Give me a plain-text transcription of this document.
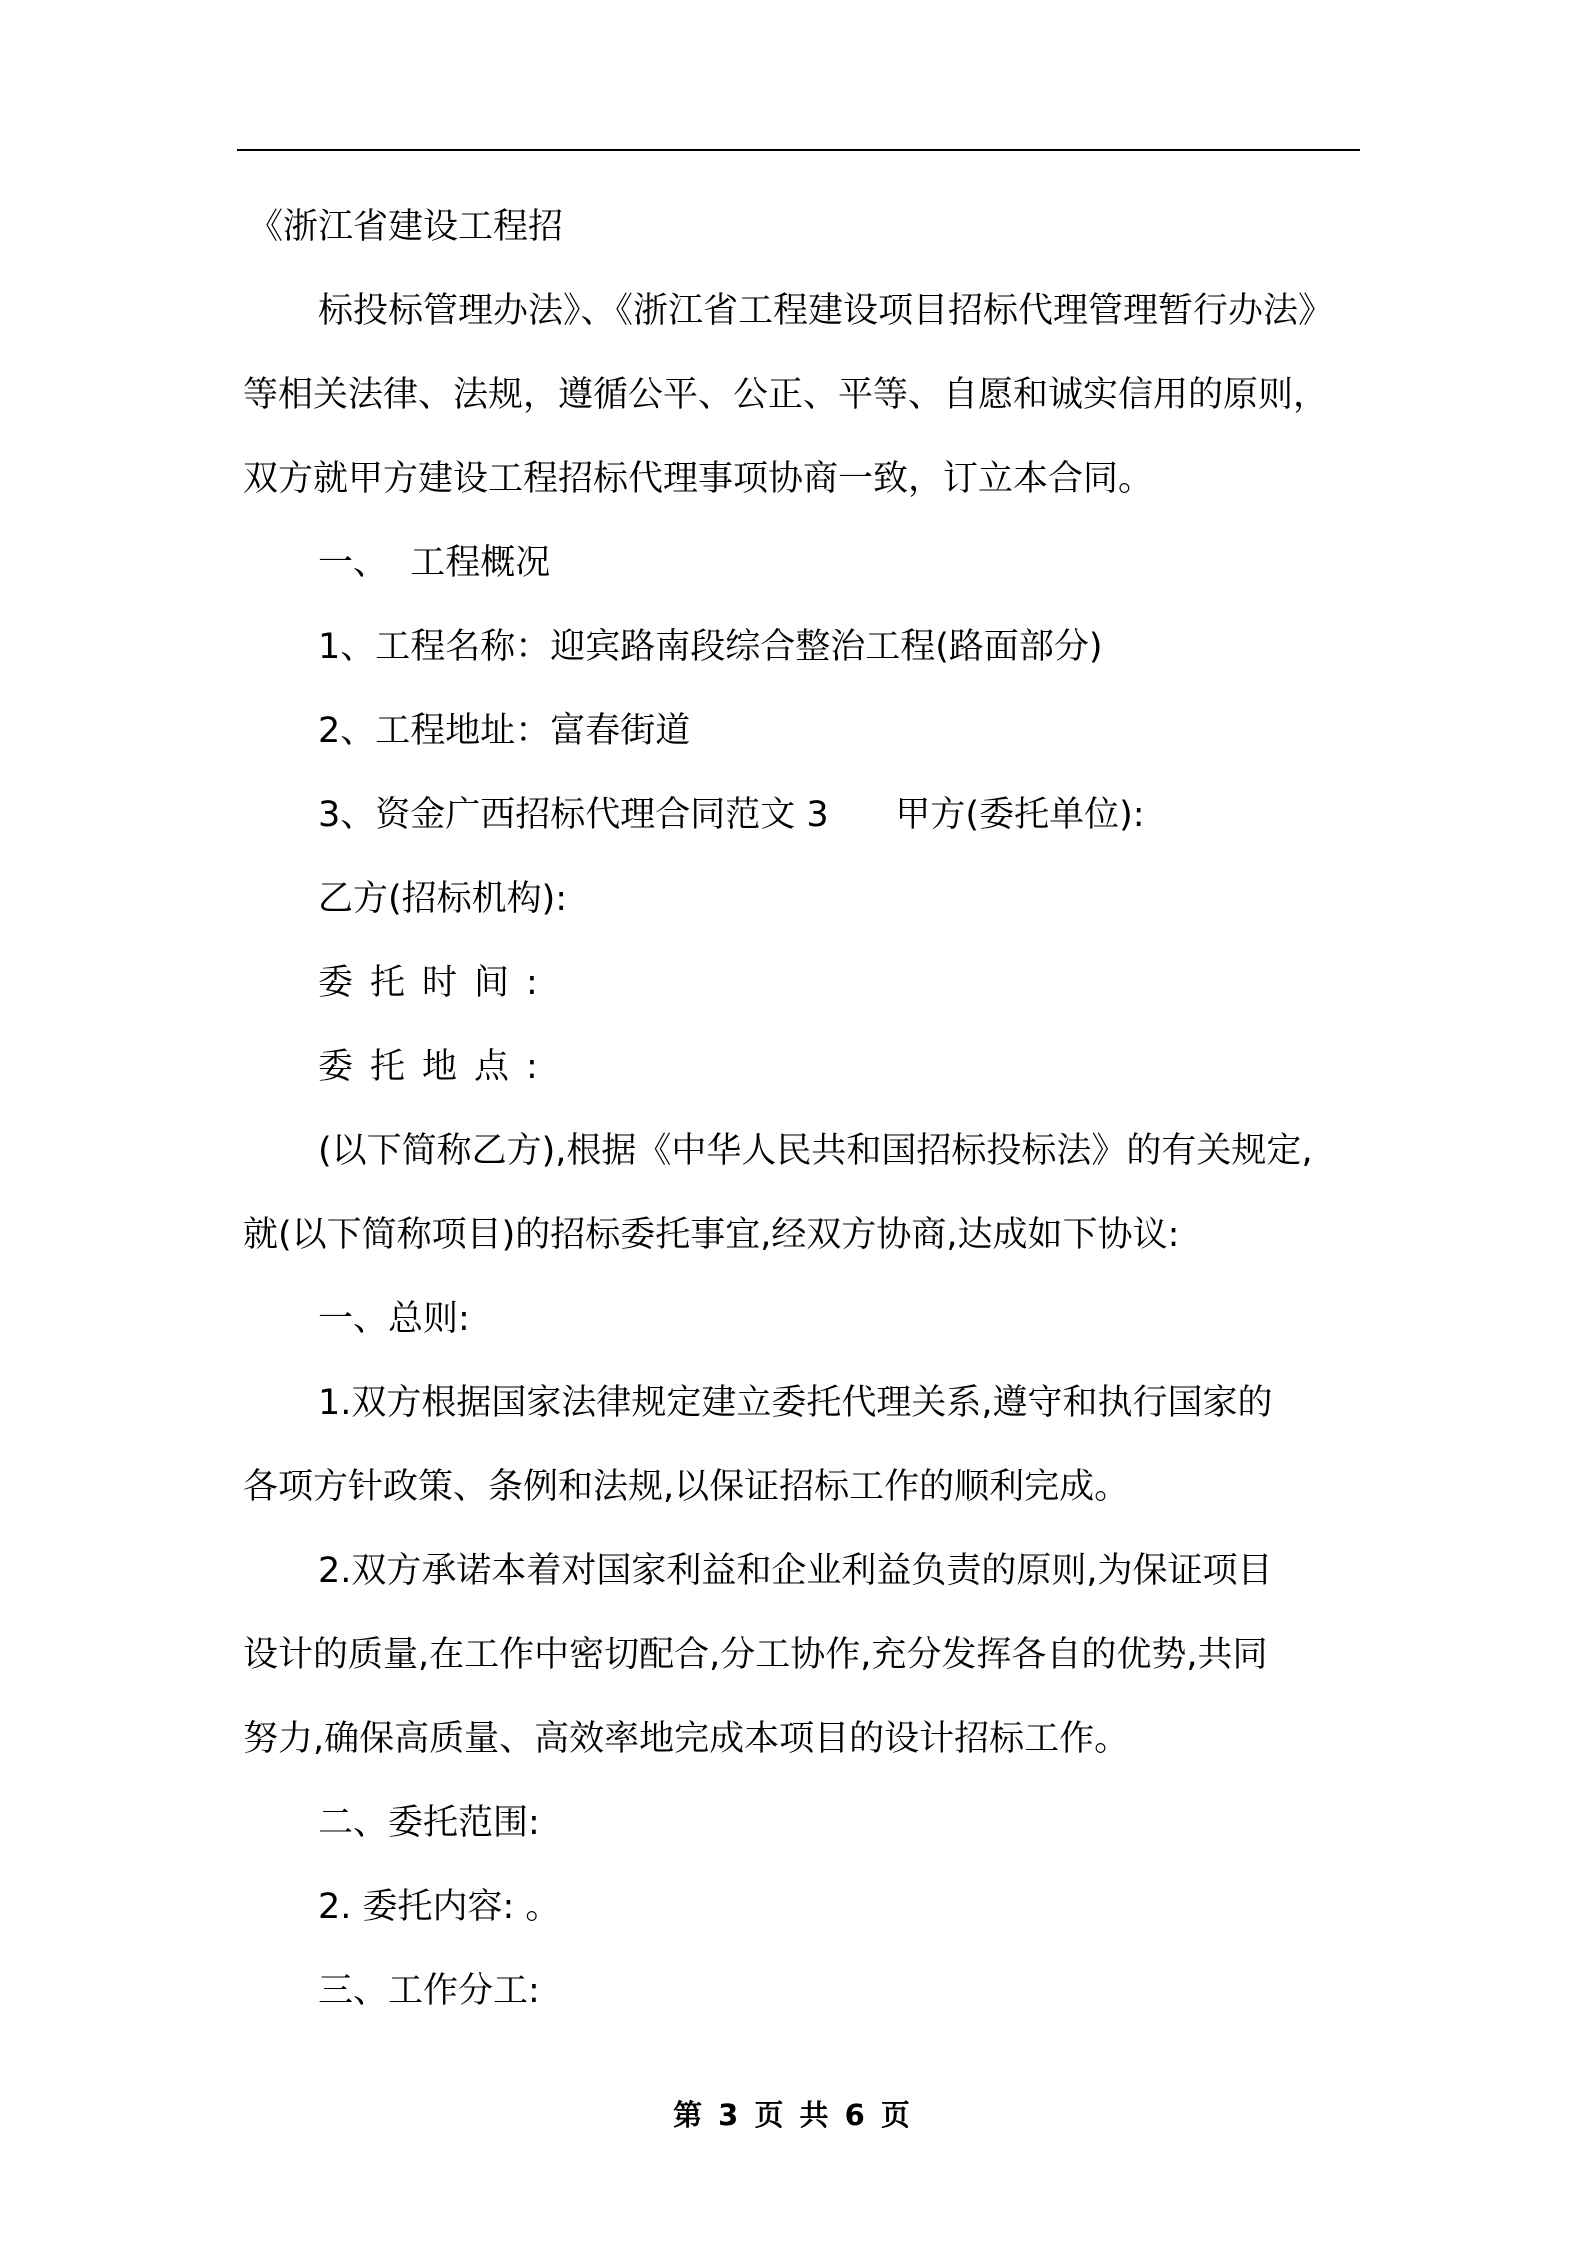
《浙江省建设工程招
标投标管理办法》、《浙江省工程建设项目招标代理管理暂行办法》
等相关法律、法规，遵循公平、公正、平等、自愿和诚实信用的原则，
双方就甲方建设工程招标代理事项协商一致，订立本合同。
一、  工程概况
1、工程名称：迎宾路南段综合整治工程(路面部分)
2、工程地址：富春街道
3、资金广西招标代理合同范文 3      甲方(委托单位):
乙方(招标机构):
委托时间:
委托地点:
(以下简称乙方),根据《中华人民共和国招标投标法》的有关规定,
就(以下简称项目)的招标委托事宜,经双方协商,达成如下协议:
一、总则:
1.双方根据国家法律规定建立委托代理关系,遵守和执行国家的
各项方针政策、条例和法规,以保证招标工作的顺利完成。
2.双方承诺本着对国家利益和企业利益负责的原则,为保证项目
设计的质量,在工作中密切配合,分工协作,充分发挥各自的优势,共同
努力,确保高质量、高效率地完成本项目的设计招标工作。
二、委托范围:
2. 委托内容: 。
三、工作分工:
第 3 页 共 6 页
